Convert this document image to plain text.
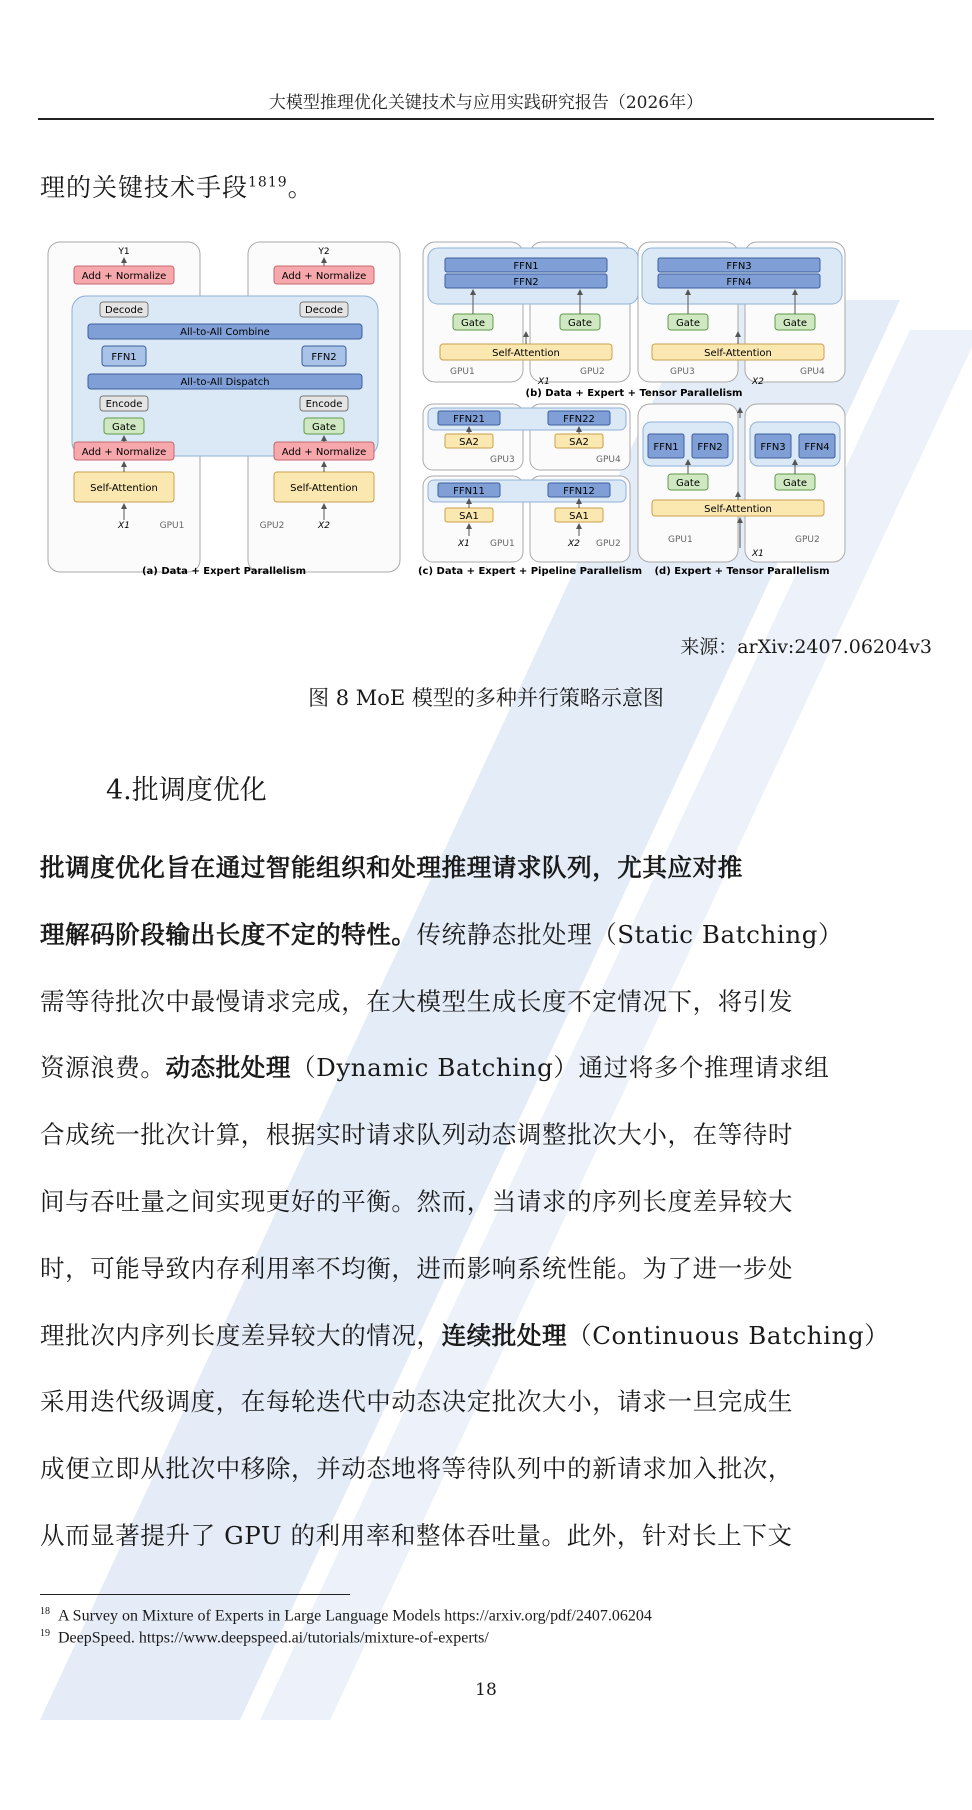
大模型推理优化关键技术与应用实践研究报告（2026年）
理的关键技术手段$^{1819}$。
Y1	Y2
Add + Normalize	Add + Normalize
Decode	Decode
All-to-All Combine
FFN1	FFN2
All-to-All Dispatch
Encode	Encode
Gate	Gate
Add + Normalize	Add + Normalize
Self-Attention	Self-Attention
X1	GPU1	GPU2	X2
(a) Data + Expert Parallelism
FFN1
FFN2
FFN3
FFN4
Gate	Gate	Gate	Gate
Self-Attention	Self-Attention
GPU1	GPU2	GPU3	GPU4
X1	X2
(b) Data + Expert + Tensor Parallelism
FFN21	FFN22
SA2	SA2
GPU3	GPU4
FFN11	FFN12
SA1	SA1
X1 GPU1	X2 GPU2
(c) Data + Expert + Pipeline Parallelism
FFN1 FFN2	FFN3 FFN4
Gate	Gate
Self-Attention
GPU1	GPU2
X1
(d) Expert + Tensor Parallelism
来源：arXiv:2407.06204v3
图 8 MoE 模型的多种并行策略示意图
4.批调度优化

批调度优化旨在通过智能组织和处理推理请求队列，尤其应对推

理解码阶段输出长度不定的特性。传统静态批处理（Static Batching）

需等待批次中最慢请求完成，在大模型生成长度不定情况下，将引发

资源浪费。动态批处理（Dynamic Batching）通过将多个推理请求组

合成统一批次计算，根据实时请求队列动态调整批次大小，在等待时

间与吞吐量之间实现更好的平衡。然而，当请求的序列长度差异较大

时，可能导致内存利用率不均衡，进而影响系统性能。为了进一步处

理批次内序列长度差异较大的情况，连续批处理（Continuous Batching）

采用迭代级调度，在每轮迭代中动态决定批次大小，请求一旦完成生

成便立即从批次中移除，并动态地将等待队列中的新请求加入批次，

从而显著提升了 GPU 的利用率和整体吞吐量。此外，针对长上下文

$^{18}$ A Survey on Mixture of Experts in Large Language Models https://arxiv.org/pdf/2407.06204
$^{19}$ DeepSpeed. https://www.deepspeed.ai/tutorials/mixture-of-experts/
18
